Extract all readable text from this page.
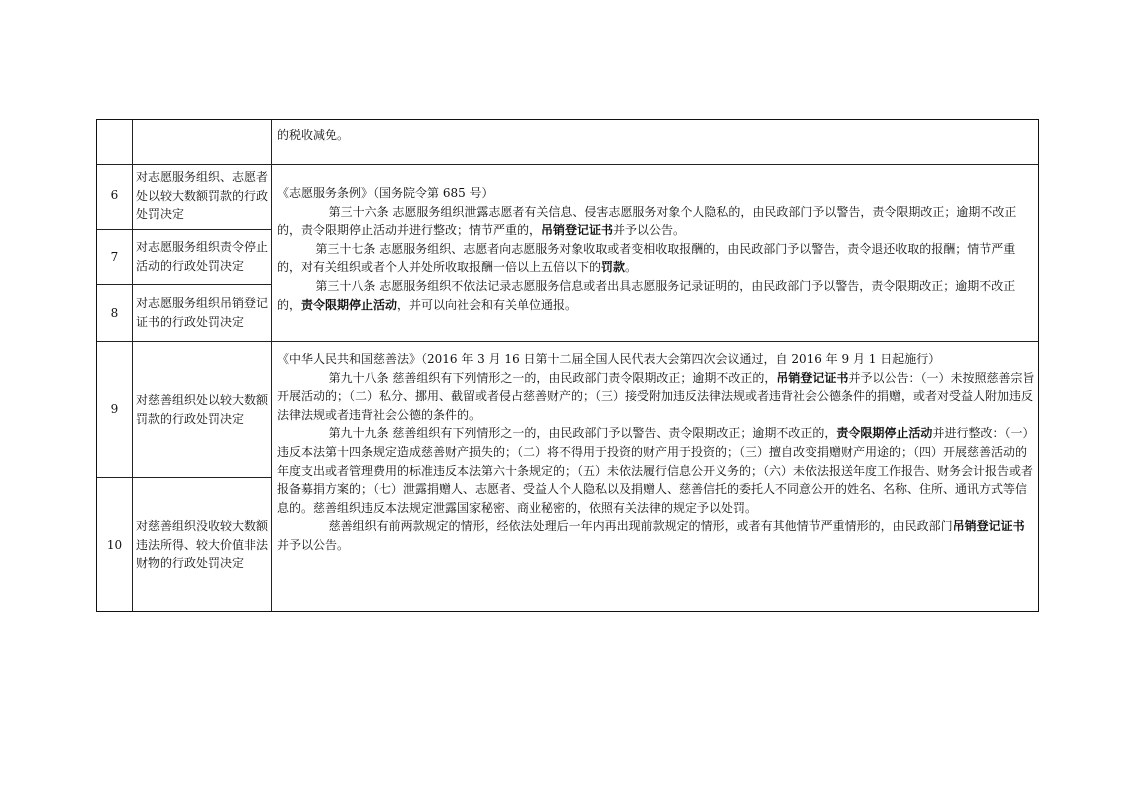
6
7
8
9
10
对志愿服务组织、志愿者处以较大数额罚款的行政处罚决定
对志愿服务组织责令停止活动的行政处罚决定
对志愿服务组织吊销登记证书的行政处罚决定
对慈善组织处以较大数额罚款的行政处罚决定
对慈善组织没收较大数额违法所得、较大价值非法财物的行政处罚决定

的税收减免。

《志愿服务条例》（国务院令第 685 号）

第三十六条 志愿服务组织泄露志愿者有关信息、侵害志愿服务对象个人隐私的，由民政部门予以警告，责令限期改正；逾期不改正的，责令限期停止活动并进行整改；情节严重的，吊销登记证书并予以公告。

第三十七条 志愿服务组织、志愿者向志愿服务对象收取或者变相收取报酬的，由民政部门予以警告，责令退还收取的报酬；情节严重的，对有关组织或者个人并处所收取报酬一倍以上五倍以下的罚款。

第三十八条 志愿服务组织不依法记录志愿服务信息或者出具志愿服务记录证明的，由民政部门予以警告，责令限期改正；逾期不改正的，责令限期停止活动，并可以向社会和有关单位通报。

《中华人民共和国慈善法》（2016 年 3 月 16 日第十二届全国人民代表大会第四次会议通过，自 2016 年 9 月 1 日起施行）

第九十八条 慈善组织有下列情形之一的，由民政部门责令限期改正；逾期不改正的，吊销登记证书并予以公告：（一）未按照慈善宗旨开展活动的；（二）私分、挪用、截留或者侵占慈善财产的；（三）接受附加违反法律法规或者违背社会公德条件的捐赠，或者对受益人附加违反法律法规或者违背社会公德的条件的。

第九十九条 慈善组织有下列情形之一的，由民政部门予以警告、责令限期改正；逾期不改正的，责令限期停止活动并进行整改：（一）违反本法第十四条规定造成慈善财产损失的；（二）将不得用于投资的财产用于投资的；（三）擅自改变捐赠财产用途的；（四）开展慈善活动的年度支出或者管理费用的标准违反本法第六十条规定的；（五）未依法履行信息公开义务的；（六）未依法报送年度工作报告、财务会计报告或者报备募捐方案的；（七）泄露捐赠人、志愿者、受益人个人隐私以及捐赠人、慈善信托的委托人不同意公开的姓名、名称、住所、通讯方式等信息的。慈善组织违反本法规定泄露国家秘密、商业秘密的，依照有关法律的规定予以处罚。

慈善组织有前两款规定的情形，经依法处理后一年内再出现前款规定的情形，或者有其他情节严重情形的，由民政部门吊销登记证书并予以公告。
